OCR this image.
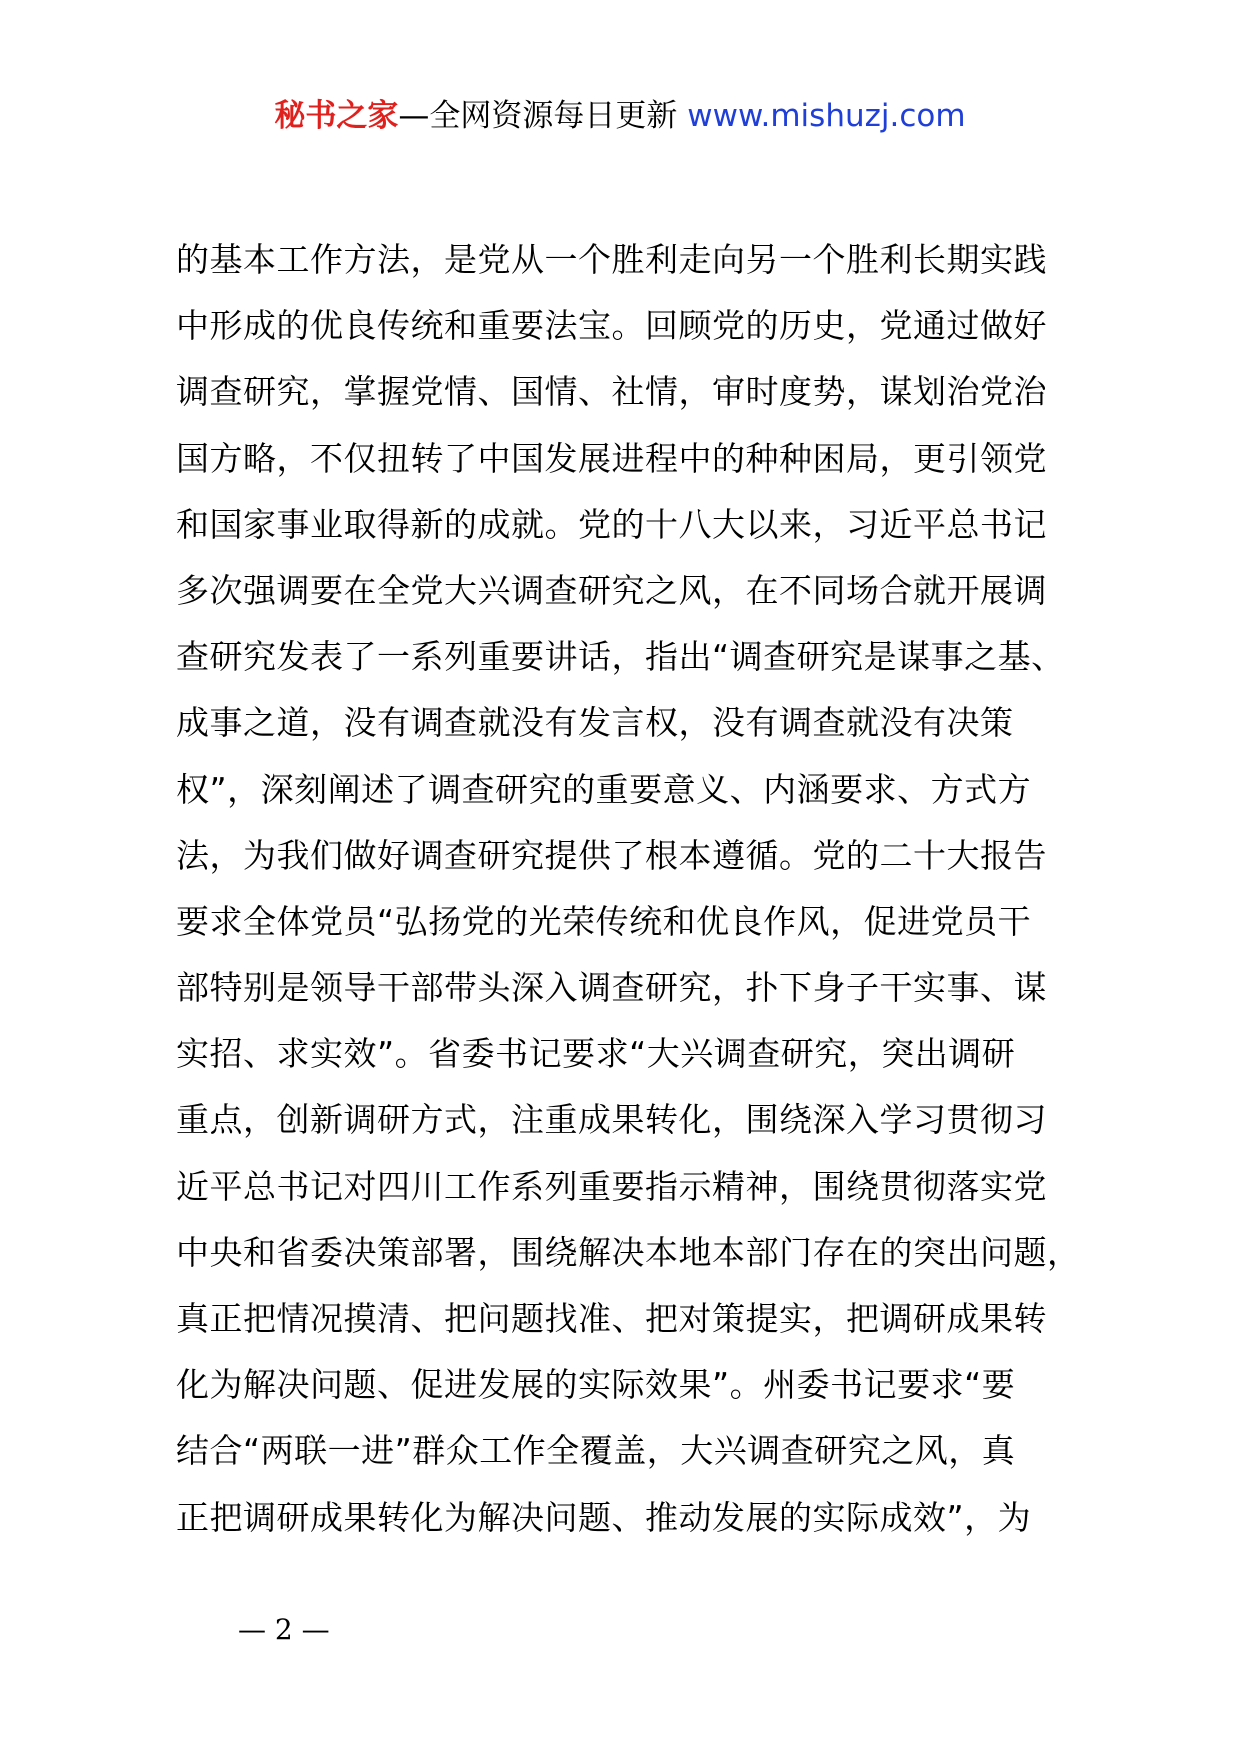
秘书之家—全网资源每日更新 www.mishuzj.com
的基本工作方法，是党从一个胜利走向另一个胜利长期实践
中形成的优良传统和重要法宝。回顾党的历史，党通过做好
调查研究，掌握党情、国情、社情，审时度势，谋划治党治
国方略，不仅扭转了中国发展进程中的种种困局，更引领党
和国家事业取得新的成就。党的十八大以来，习近平总书记
多次强调要在全党大兴调查研究之风，在不同场合就开展调
查研究发表了一系列重要讲话，指出“调查研究是谋事之基、
成事之道，没有调查就没有发言权，没有调查就没有决策
权”，深刻阐述了调查研究的重要意义、内涵要求、方式方
法，为我们做好调查研究提供了根本遵循。党的二十大报告
要求全体党员“弘扬党的光荣传统和优良作风，促进党员干
部特别是领导干部带头深入调查研究，扑下身子干实事、谋
实招、求实效”。省委书记要求“大兴调查研究，突出调研
重点，创新调研方式，注重成果转化，围绕深入学习贯彻习
近平总书记对四川工作系列重要指示精神，围绕贯彻落实党
中央和省委决策部署，围绕解决本地本部门存在的突出问题，
真正把情况摸清、把问题找准、把对策提实，把调研成果转
化为解决问题、促进发展的实际效果”。州委书记要求“要
结合“两联一进”群众工作全覆盖，大兴调查研究之风，真
正把调研成果转化为解决问题、推动发展的实际成效”，为
— 2 —
